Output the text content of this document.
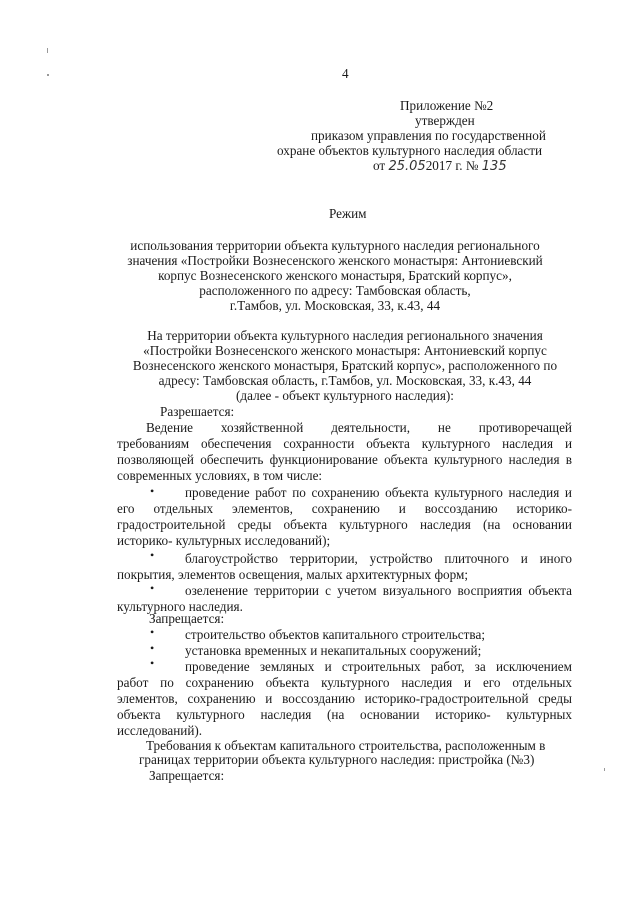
4
Приложение №2
утвержден
приказом управления по государственной
охране объектов культурного наследия области
от 25.052017 г. № 135
Режим
использования территории объекта культурного наследия регионального
значения «Постройки Вознесенского женского монастыря: Антониевский
корпус Вознесенского женского монастыря, Братский корпус»,
расположенного по адресу: Тамбовская область,
г.Тамбов, ул. Московская, 33, к.43, 44
На территории объекта культурного наследия регионального значения
«Постройки Вознесенского женского монастыря: Антониевский корпус
Вознесенского женского монастыря, Братский корпус», расположенного по
адресу: Тамбовская область, г.Тамбов, ул. Московская, 33, к.43, 44
(далее - объект культурного наследия):
Разрешается:
Ведение хозяйственной деятельности, не противоречащей
требованиям обеспечения сохранности объекта культурного наследия и
позволяющей обеспечить функционирование объекта культурного наследия в
современных условиях, в том числе:
• проведение работ по сохранению объекта культурного наследия и
его отдельных элементов, сохранению и воссозданию историко-
градостроительной среды объекта культурного наследия (на основании
историко- культурных исследований);
• благоустройство территории, устройство плиточного и иного
покрытия, элементов освещения, малых архитектурных форм;
• озеленение территории с учетом визуального восприятия объекта
культурного наследия.
Запрещается:
• строительство объектов капитального строительства;
• установка временных и некапитальных сооружений;
• проведение земляных и строительных работ, за исключением
работ по сохранению объекта культурного наследия и его отдельных
элементов, сохранению и воссозданию историко-градостроительной среды
объекта культурного наследия (на основании историко- культурных
исследований).
Требования к объектам капитального строительства, расположенным в
границах территории объекта культурного наследия: пристройка (№3)
Запрещается:
